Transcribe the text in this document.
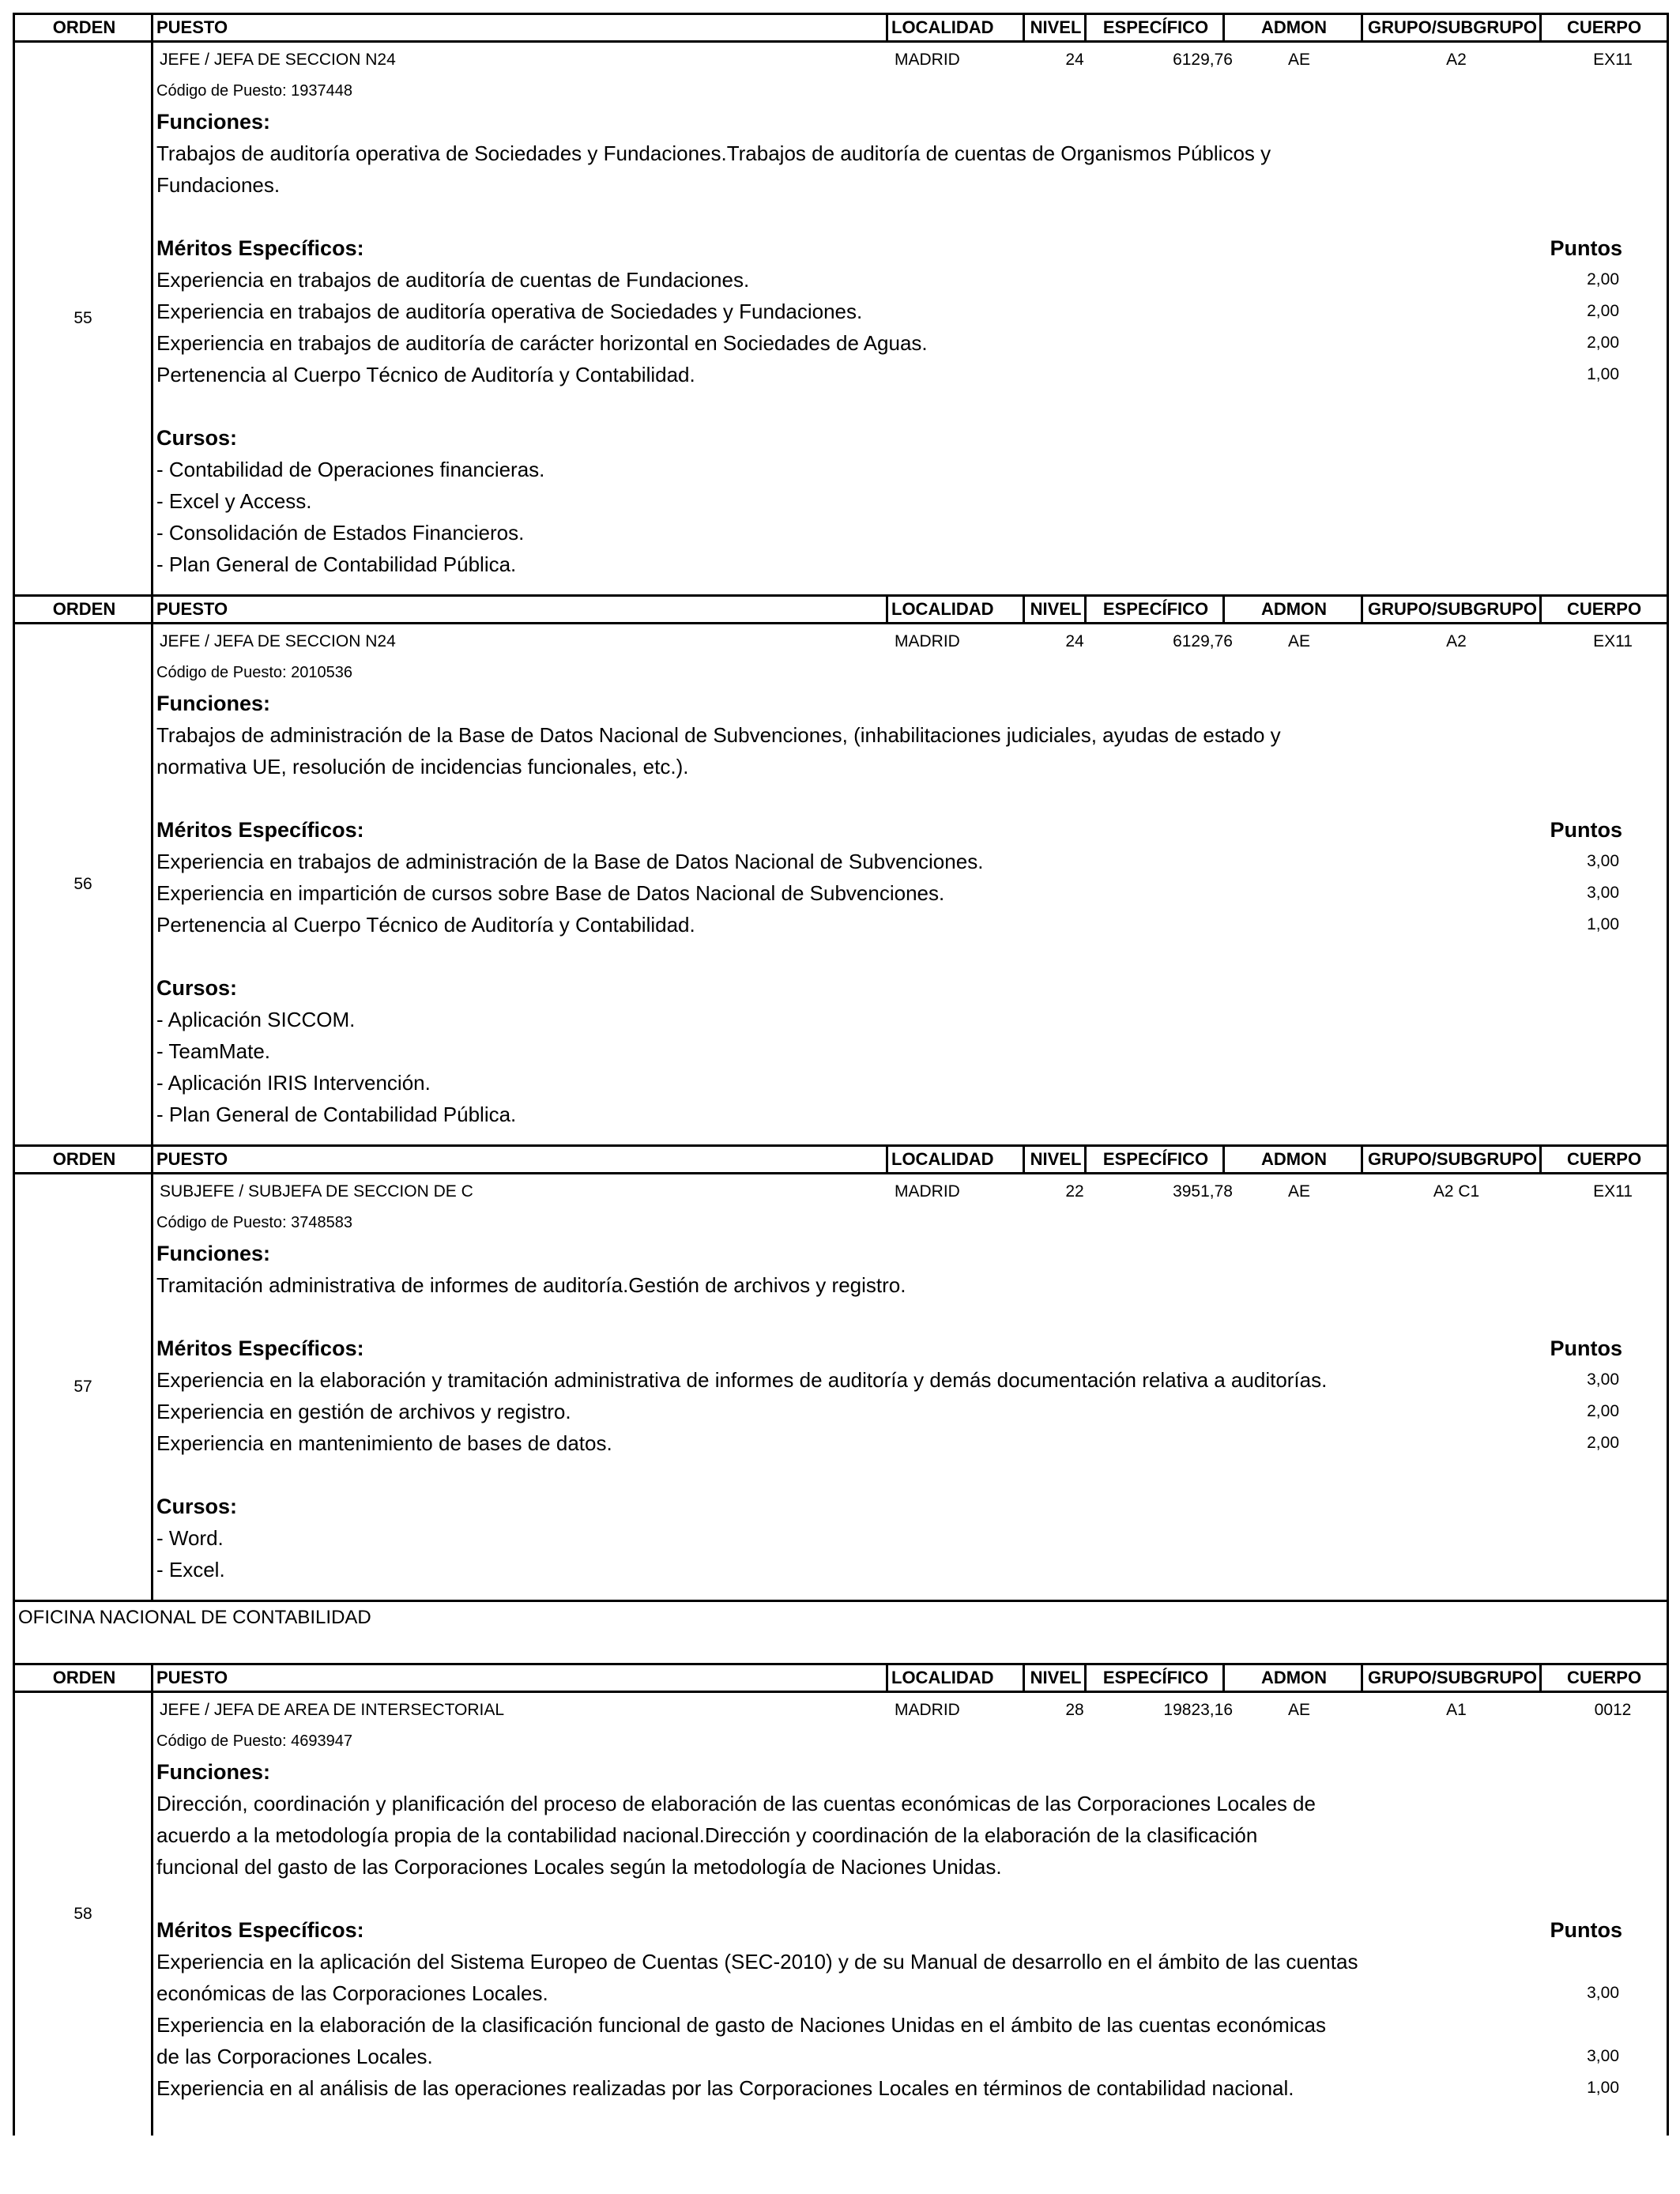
ORDEN	PUESTO	LOCALIDAD	NIVEL	ESPECÍFICO	ADMON	GRUPO/SUBGRUPO	CUERPO
55
JEFE / JEFA DE SECCION N24	MADRID	24	6129,76	AE	A2	EX11
Código de Puesto: 1937448
Funciones:
Trabajos de auditoría operativa de Sociedades y Fundaciones.Trabajos de auditoría de cuentas de Organismos Públicos y
Fundaciones.
Méritos Específicos:	Puntos
Experiencia en trabajos de auditoría de cuentas de Fundaciones.	2,00
Experiencia en trabajos de auditoría operativa de Sociedades y Fundaciones.	2,00
Experiencia en trabajos de auditoría de carácter horizontal en Sociedades de Aguas.	2,00
Pertenencia al Cuerpo Técnico de Auditoría y Contabilidad.	1,00
Cursos:
- Contabilidad de Operaciones financieras.
- Excel y Access.
- Consolidación de Estados Financieros.
- Plan General de Contabilidad Pública.
ORDEN	PUESTO	LOCALIDAD	NIVEL	ESPECÍFICO	ADMON	GRUPO/SUBGRUPO	CUERPO
56
JEFE / JEFA DE SECCION N24	MADRID	24	6129,76	AE	A2	EX11
Código de Puesto: 2010536
Funciones:
Trabajos de administración de la Base de Datos Nacional de Subvenciones, (inhabilitaciones judiciales, ayudas de estado y
normativa UE, resolución de incidencias funcionales, etc.).
Méritos Específicos:	Puntos
Experiencia en trabajos de administración de la Base de Datos Nacional de Subvenciones.	3,00
Experiencia en impartición de cursos sobre Base de Datos Nacional de Subvenciones.	3,00
Pertenencia al Cuerpo Técnico de Auditoría y Contabilidad.	1,00
Cursos:
- Aplicación SICCOM.
- TeamMate.
- Aplicación IRIS Intervención.
- Plan General de Contabilidad Pública.
ORDEN	PUESTO	LOCALIDAD	NIVEL	ESPECÍFICO	ADMON	GRUPO/SUBGRUPO	CUERPO
57
SUBJEFE / SUBJEFA DE SECCION DE C	MADRID	22	3951,78	AE	A2 C1	EX11
Código de Puesto: 3748583
Funciones:
Tramitación administrativa de informes de auditoría.Gestión de archivos y registro.
Méritos Específicos:	Puntos
Experiencia en la elaboración y tramitación administrativa de informes de auditoría y demás documentación relativa a auditorías.	3,00
Experiencia en gestión de archivos y registro.	2,00
Experiencia en mantenimiento de bases de datos.	2,00
Cursos:
- Word.
- Excel.
OFICINA NACIONAL DE CONTABILIDAD
ORDEN	PUESTO	LOCALIDAD	NIVEL	ESPECÍFICO	ADMON	GRUPO/SUBGRUPO	CUERPO
58
JEFE / JEFA DE AREA DE INTERSECTORIAL	MADRID	28	19823,16	AE	A1	0012
Código de Puesto: 4693947
Funciones:
Dirección, coordinación y planificación del proceso de elaboración de las cuentas económicas de las Corporaciones Locales de
acuerdo a la metodología propia de la contabilidad nacional.Dirección y coordinación de la elaboración de la clasificación
funcional del gasto de las Corporaciones Locales según la metodología de Naciones Unidas.
Méritos Específicos:	Puntos
Experiencia en la aplicación del Sistema Europeo de Cuentas (SEC-2010) y de su Manual de desarrollo en el ámbito de las cuentas
económicas de las Corporaciones Locales.	3,00
Experiencia en la elaboración de la clasificación funcional de gasto de Naciones Unidas en el ámbito de las cuentas económicas
de las Corporaciones Locales.	3,00
Experiencia en al análisis de las operaciones realizadas por las Corporaciones Locales en términos de contabilidad nacional.	1,00
